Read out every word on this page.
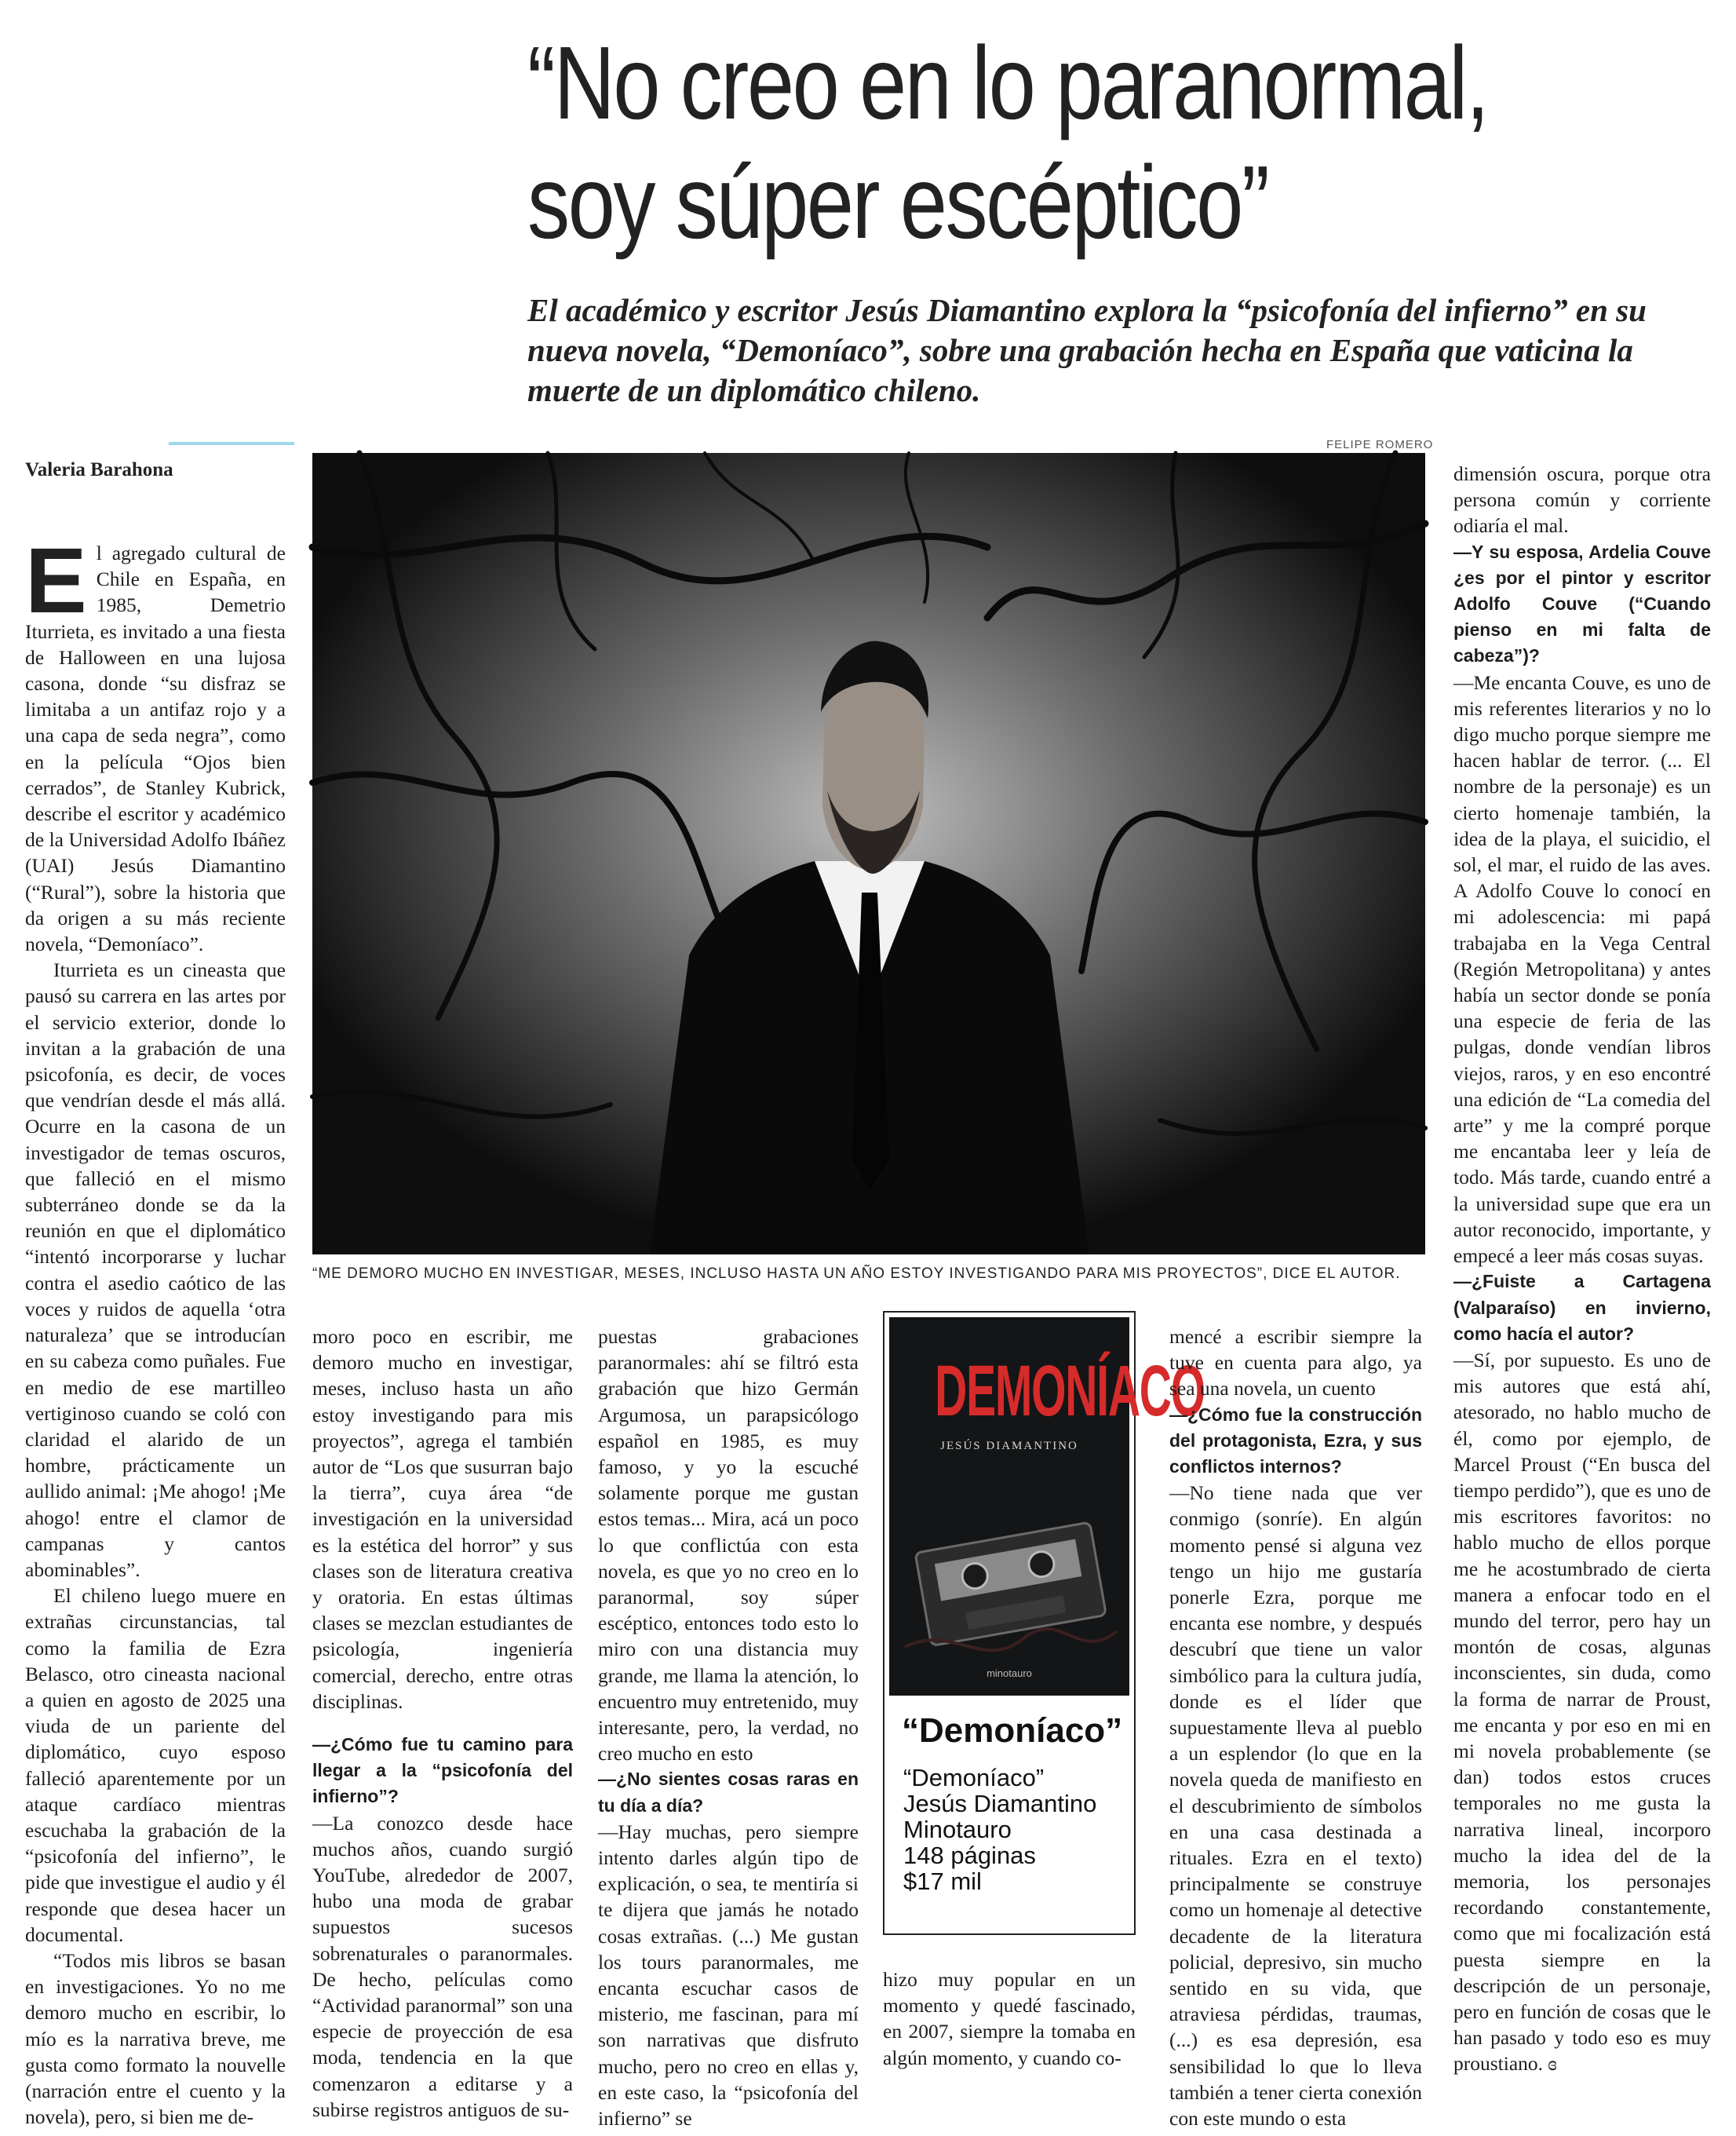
“No creo en lo paranormal,
soy súper escéptico”

El académico y escritor Jesús Diamantino explora la “psicofonía del infierno” en su nueva novela, “Demoníaco”, sobre una grabación hecha en España que vaticina la muerte de un diplomático chileno.

Valeria Barahona
FELIPE ROMERO
“ME DEMORO MUCHO EN INVESTIGAR, MESES, INCLUSO HASTA UN AÑO ESTOY INVESTIGANDO PARA MIS PROYECTOS”, DICE EL AUTOR.

El agregado cultural de Chile en España, en 1985, Demetrio Iturrieta, es invitado a una fiesta de Halloween en una lujosa casona, donde “su disfraz se limitaba a un antifaz rojo y a una capa de seda negra”, como en la película “Ojos bien cerrados”, de Stanley Kubrick, describe el escritor y académico de la Universidad Adolfo Ibáñez (UAI) Jesús Diamantino (“Rural”), sobre la historia que da origen a su más reciente novela, “Demoníaco”.

Iturrieta es un cineasta que pausó su carrera en las artes por el servicio exterior, donde lo invitan a la grabación de una psicofonía, es decir, de voces que vendrían desde el más allá. Ocurre en la casona de un investigador de temas oscuros, que falleció en el mismo subterráneo donde se da la reunión en que el diplomático “intentó incorporarse y luchar contra el asedio caótico de las voces y ruidos de aquella ‘otra naturaleza’ que se introducían en su cabeza como puñales. Fue en medio de ese martilleo vertiginoso cuando se coló con claridad el alarido de un hombre, prácticamente un aullido animal: ¡Me ahogo! ¡Me ahogo! entre el clamor de campanas y cantos abominables”.

El chileno luego muere en extrañas circunstancias, tal como la familia de Ezra Belasco, otro cineasta nacional a quien en agosto de 2025 una viuda de un pariente del diplomático, cuyo esposo falleció aparentemente por un ataque cardíaco mientras escuchaba la grabación de la “psicofonía del infierno”, le pide que investigue el audio y él responde que desea hacer un documental.

“Todos mis libros se basan en investigaciones. Yo no me demoro mucho en escribir, lo mío es la narrativa breve, me gusta como formato la nouvelle (narración entre el cuento y la novela), pero, si bien me de-

moro poco en escribir, me demoro mucho en investigar, meses, incluso hasta un año estoy investigando para mis proyectos”, agrega el también autor de “Los que susurran bajo la tierra”, cuya área “de investigación en la universidad es la estética del horror” y sus clases son de literatura creativa y oratoria. En estas últimas clases se mezclan estudiantes de psicología, ingeniería comercial, derecho, entre otras disciplinas.

—¿Cómo fue tu camino para llegar a la “psicofonía del infierno”?

—La conozco desde hace muchos años, cuando surgió YouTube, alrededor de 2007, hubo una moda de grabar supuestos sucesos sobrenaturales o paranormales. De hecho, películas como “Actividad paranormal” son una especie de proyección de esa moda, tendencia en la que comenzaron a editarse y a subirse registros antiguos de su-

puestas grabaciones paranormales: ahí se filtró esta grabación que hizo Germán Argumosa, un parapsicólogo español en 1985, es muy famoso, y yo la escuché solamente porque me gustan estos temas... Mira, acá un poco lo que conflictúa con esta novela, es que yo no creo en lo paranormal, soy súper escéptico, entonces todo esto lo miro con una distancia muy grande, me llama la atención, lo encuentro muy entretenido, muy interesante, pero, la verdad, no creo mucho en esto

—¿No sientes cosas raras en tu día a día?

—Hay muchas, pero siempre intento darles algún tipo de explicación, o sea, te mentiría si te dijera que jamás he notado cosas extrañas. (...) Me gustan los tours paranormales, me encanta escuchar casos de misterio, me fascinan, para mí son narrativas que disfruto mucho, pero no creo en ellas y, en este caso, la “psicofonía del infierno” se

hizo muy popular en un momento y quedé fascinado, en 2007, siempre la tomaba en algún momento, y cuando co-

DEMONÍACO
JESÚS DIAMANTINO
minotauro
“Demoníaco”
“Demoníaco”
Jesús Diamantino
Minotauro
148 páginas
$17 mil

mencé a escribir siempre la tuve en cuenta para algo, ya sea una novela, un cuento

—¿Cómo fue la construcción del protagonista, Ezra, y sus conflictos internos?

—No tiene nada que ver conmigo (sonríe). En algún momento pensé si alguna vez tengo un hijo me gustaría ponerle Ezra, porque me encanta ese nombre, y después descubrí que tiene un valor simbólico para la cultura judía, donde es el líder que supuestamente lleva al pueblo a un esplendor (lo que en la novela queda de manifiesto en el descubrimiento de símbolos en una casa destinada a rituales. Ezra en el texto) principalmente se construye como un homenaje al detective decadente de la literatura policial, depresivo, sin mucho sentido en su vida, que atraviesa pérdidas, traumas, (...) es esa depresión, esa sensibilidad lo que lo lleva también a tener cierta conexión con este mundo o esta

dimensión oscura, porque otra persona común y corriente odiaría el mal.

—Y su esposa, Ardelia Couve ¿es por el pintor y escritor Adolfo Couve (“Cuando pienso en mi falta de cabeza”)?

—Me encanta Couve, es uno de mis referentes literarios y no lo digo mucho porque siempre me hacen hablar de terror. (... El nombre de la personaje) es un cierto homenaje también, la idea de la playa, el suicidio, el sol, el mar, el ruido de las aves. A Adolfo Couve lo conocí en mi adolescencia: mi papá trabajaba en la Vega Central (Región Metropolitana) y antes había un sector donde se ponía una especie de feria de las pulgas, donde vendían libros viejos, raros, y en eso encontré una edición de “La comedia del arte” y me la compré porque me encantaba leer y leía de todo. Más tarde, cuando entré a la universidad supe que era un autor reconocido, importante, y empecé a leer más cosas suyas.

—¿Fuiste a Cartagena (Valparaíso) en invierno, como hacía el autor?

—Sí, por supuesto. Es uno de mis autores que está ahí, atesorado, no hablo mucho de él, como por ejemplo, de Marcel Proust (“En busca del tiempo perdido”), que es uno de mis escritores favoritos: no hablo mucho de ellos porque me he acostumbrado de cierta manera a enfocar todo en el mundo del terror, pero hay un montón de cosas, algunas inconscientes, sin duda, como la forma de narrar de Proust, me encanta y por eso en mi en mi novela probablemente (se dan) todos estos cruces temporales no me gusta la narrativa lineal, incorporo mucho la idea del de la memoria, los personajes recordando constantemente, como que mi focalización está puesta siempre en la descripción de un personaje, pero en función de cosas que le han pasado y todo eso es muy proustiano. ɞ
